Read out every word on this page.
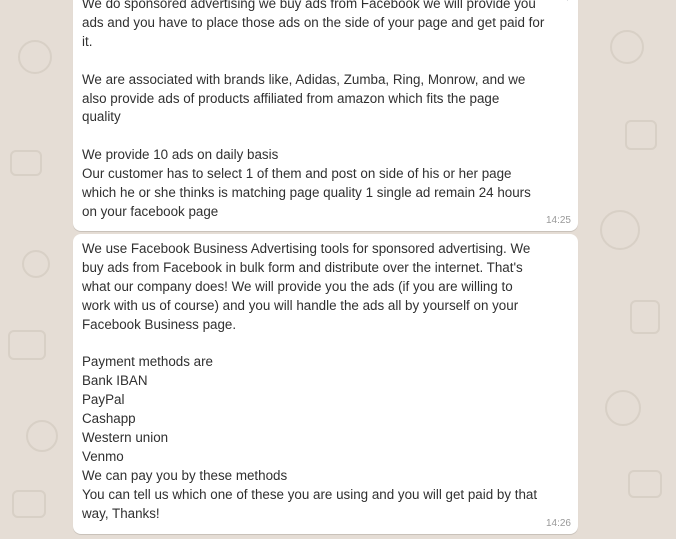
We do sponsored advertising we buy ads from Facebook we will provide you
ads and you have to place those ads on the side of your page and get paid for
it.
We are associated with brands like, Adidas, Zumba, Ring, Monrow, and we
also provide ads of products affiliated from amazon which fits the page
quality
We provide 10 ads on daily basis
Our customer has to select 1 of them and post on side of his or her page
which he or she thinks is matching page quality 1 single ad remain 24 hours
on your facebook page
14:25
We use Facebook Business Advertising tools for sponsored advertising. We
buy ads from Facebook in bulk form and distribute over the internet. That's
what our company does! We will provide you the ads (if you are willing to
work with us of course) and you will handle the ads all by yourself on your
Facebook Business page.
Payment methods are
Bank IBAN
PayPal
Cashapp
Western union
Venmo
We can pay you by these methods
You can tell us which one of these you are using and you will get paid by that
way, Thanks!
14:26
